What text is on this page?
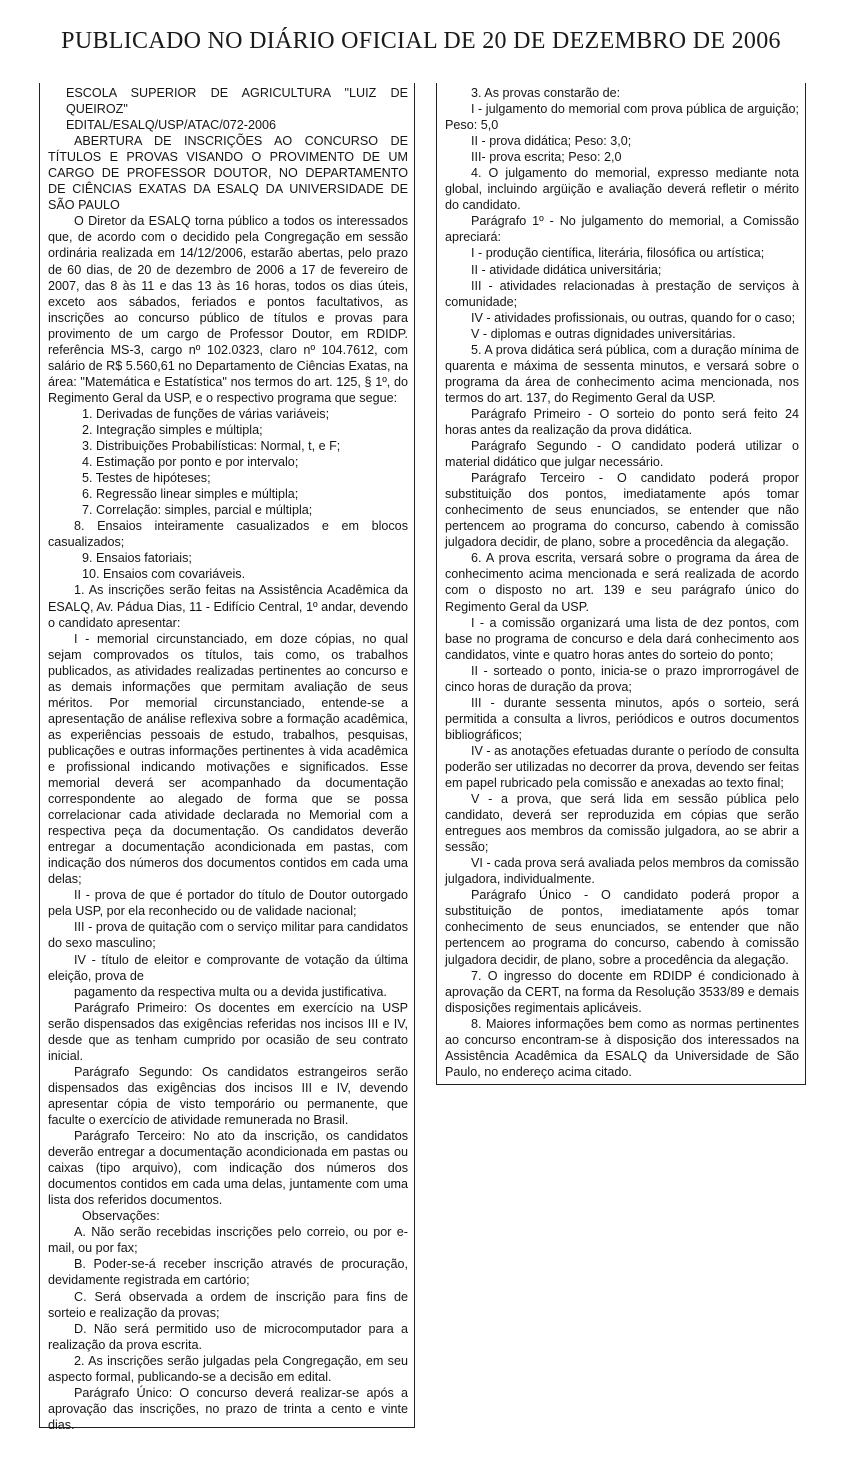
PUBLICADO NO DIÁRIO OFICIAL DE 20 DE DEZEMBRO DE 2006

ESCOLA SUPERIOR DE AGRICULTURA "LUIZ DE QUEIROZ"

EDITAL/ESALQ/USP/ATAC/072-2006

ABERTURA DE INSCRIÇÕES AO CONCURSO DE TÍTULOS E PROVAS VISANDO O PROVIMENTO DE UM CARGO DE PROFESSOR DOUTOR, NO DEPARTAMENTO DE CIÊNCIAS EXATAS DA ESALQ DA UNIVERSIDADE DE SÃO PAULO

O Diretor da ESALQ torna público a todos os interessados que, de acordo com o decidido pela Congregação em sessão ordinária realizada em 14/12/2006, estarão abertas, pelo prazo de 60 dias, de 20 de dezembro de 2006 a 17 de fevereiro de 2007, das 8 às 11 e das 13 às 16 horas, todos os dias úteis, exceto aos sábados, feriados e pontos facultativos, as inscrições ao concurso público de títulos e provas para provimento de um cargo de Professor Doutor, em RDIDP. referência MS-3, cargo nº 102.0323, claro nº 104.7612, com salário de R$ 5.560,61 no Departamento de Ciências Exatas, na área: "Matemática e Estatística" nos termos do art. 125, § 1º, do Regimento Geral da USP, e o respectivo programa que segue:

1. Derivadas de funções de várias variáveis;

2. Integração simples e múltipla;

3. Distribuições Probabilísticas: Normal, t, e F;

4. Estimação por ponto e por intervalo;

5. Testes de hipóteses;

6. Regressão linear simples e múltipla;

7. Correlação: simples, parcial e múltipla;

8. Ensaios inteiramente casualizados e em blocos casualizados;

9. Ensaios fatoriais;

10. Ensaios com covariáveis.

1. As inscrições serão feitas na Assistência Acadêmica da ESALQ, Av. Pádua Dias, 11 - Edifício Central, 1º andar, devendo o candidato apresentar:

I - memorial circunstanciado, em doze cópias, no qual sejam comprovados os títulos, tais como, os trabalhos publicados, as atividades realizadas pertinentes ao concurso e as demais informações que permitam avaliação de seus méritos. Por memorial circunstanciado, entende-se a apresentação de análise reflexiva sobre a formação acadêmica, as experiências pessoais de estudo, trabalhos, pesquisas, publicações e outras informações pertinentes à vida acadêmica e profissional indicando motivações e significados. Esse memorial deverá ser acompanhado da documentação correspondente ao alegado de forma que se possa correlacionar cada atividade declarada no Memorial com a respectiva peça da documentação. Os candidatos deverão entregar a documentação acondicionada em pastas, com indicação dos números dos documentos contidos em cada uma delas;

II - prova de que é portador do título de Doutor outorgado pela USP, por ela reconhecido ou de validade nacional;

III - prova de quitação com o serviço militar para candidatos do sexo masculino;

IV - título de eleitor e comprovante de votação da última eleição, prova de

pagamento da respectiva multa ou a devida justificativa.

Parágrafo Primeiro: Os docentes em exercício na USP serão dispensados das exigências referidas nos incisos III e IV, desde que as tenham cumprido por ocasião de seu contrato inicial.

Parágrafo Segundo: Os candidatos estrangeiros serão dispensados das exigências dos incisos III e IV, devendo apresentar cópia de visto temporário ou permanente, que faculte o exercício de atividade remunerada no Brasil.

Parágrafo Terceiro: No ato da inscrição, os candidatos deverão entregar a documentação acondicionada em pastas ou caixas (tipo arquivo), com indicação dos números dos documentos contidos em cada uma delas, juntamente com uma lista dos referidos documentos.

Observações:

A. Não serão recebidas inscrições pelo correio, ou por e-mail, ou por fax;

B. Poder-se-á receber inscrição através de procuração, devidamente registrada em cartório;

C. Será observada a ordem de inscrição para fins de sorteio e realização da provas;

D. Não será permitido uso de microcomputador para a realização da prova escrita.

2. As inscrições serão julgadas pela Congregação, em seu aspecto formal, publicando-se a decisão em edital.

Parágrafo Único: O concurso deverá realizar-se após a aprovação das inscrições, no prazo de trinta a cento e vinte dias.

3. As provas constarão de:

I - julgamento do memorial com prova pública de arguição; Peso: 5,0

II - prova didática; Peso: 3,0;

III- prova escrita; Peso: 2,0

4. O julgamento do memorial, expresso mediante nota global, incluindo argüição e avaliação deverá refletir o mérito do candidato.

Parágrafo 1º - No julgamento do memorial, a Comissão apreciará:

I - produção científica, literária, filosófica ou artística;

II - atividade didática universitária;

III - atividades relacionadas à prestação de serviços à comunidade;

IV - atividades profissionais, ou outras, quando for o caso;

V - diplomas e outras dignidades universitárias.

5. A prova didática será pública, com a duração mínima de quarenta e máxima de sessenta minutos, e versará sobre o programa da área de conhecimento acima mencionada, nos termos do art. 137, do Regimento Geral da USP.

Parágrafo Primeiro - O sorteio do ponto será feito 24 horas antes da realização da prova didática.

Parágrafo Segundo - O candidato poderá utilizar o material didático que julgar necessário.

Parágrafo Terceiro - O candidato poderá propor substituição dos pontos, imediatamente após tomar conhecimento de seus enunciados, se entender que não pertencem ao programa do concurso, cabendo à comissão julgadora decidir, de plano, sobre a procedência da alegação.

6. A prova escrita, versará sobre o programa da área de conhecimento acima mencionada e será realizada de acordo com o disposto no art. 139 e seu parágrafo único do Regimento Geral da USP.

I - a comissão organizará uma lista de dez pontos, com base no programa de concurso e dela dará conhecimento aos candidatos, vinte e quatro horas antes do sorteio do ponto;

II - sorteado o ponto, inicia-se o prazo improrrogável de cinco horas de duração da prova;

III - durante sessenta minutos, após o sorteio, será permitida a consulta a livros, periódicos e outros documentos bibliográficos;

IV - as anotações efetuadas durante o período de consulta poderão ser utilizadas no decorrer da prova, devendo ser feitas em papel rubricado pela comissão e anexadas ao texto final;

V - a prova, que será lida em sessão pública pelo candidato, deverá ser reproduzida em cópias que serão entregues aos membros da comissão julgadora, ao se abrir a sessão;

VI - cada prova será avaliada pelos membros da comissão julgadora, individualmente.

Parágrafo Único - O candidato poderá propor a substituição de pontos, imediatamente após tomar conhecimento de seus enunciados, se entender que não pertencem ao programa do concurso, cabendo à comissão julgadora decidir, de plano, sobre a procedência da alegação.

7. O ingresso do docente em RDIDP é condicionado à aprovação da CERT, na forma da Resolução 3533/89 e demais disposições regimentais aplicáveis.

8. Maiores informações bem como as normas pertinentes ao concurso encontram-se à disposição dos interessados na Assistência Acadêmica da ESALQ da Universidade de São Paulo, no endereço acima citado.
